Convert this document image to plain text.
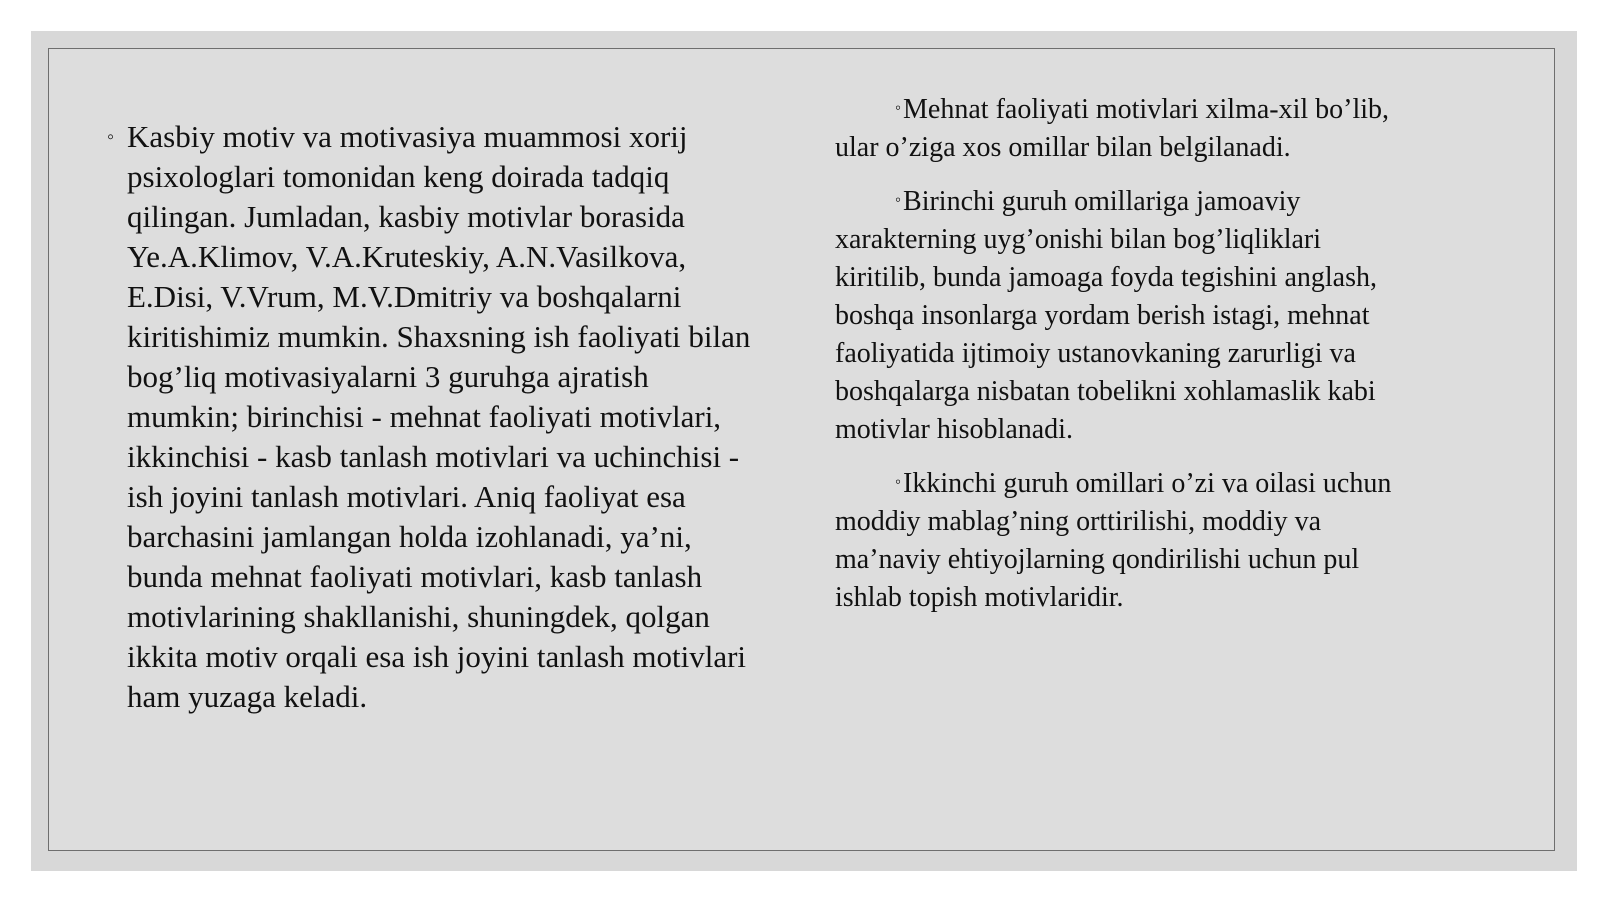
◦ Kasbiy motiv va motivasiya muammosi xorij psixologlari tomonidan keng doirada tadqiq qilingan. Jumladan, kasbiy motivlar borasida Ye.A.Klimov, V.A.Kruteskiy, A.N.Vasilkova, E.Disi, V.Vrum, M.V.Dmitriy va boshqalarni kiritishimiz mumkin. Shaxsning ish faoliyati bilan bog’liq motivasiyalarni 3 guruhga ajratish mumkin; birinchisi - mehnat faoliyati motivlari, ikkinchisi - kasb tanlash motivlari va uchinchisi - ish joyini tanlash motivlari. Aniq faoliyat esa barchasini jamlangan holda izohlanadi, ya’ni, bunda mehnat faoliyati motivlari, kasb tanlash motivlarining shakllanishi, shuningdek, qolgan ikkita motiv orqali esa ish joyini tanlash motivlari ham yuzaga keladi.

◦Mehnat faoliyati motivlari xilma-xil bo’lib, ular o’ziga xos omillar bilan belgilanadi.

◦Birinchi guruh omillariga jamoaviy xarakterning uyg’onishi bilan bog’liqliklari kiritilib, bunda jamoaga foyda tegishini anglash, boshqa insonlarga yordam berish istagi, mehnat faoliyatida ijtimoiy ustanovkaning zarurligi va boshqalarga nisbatan tobelikni xohlamaslik kabi motivlar hisoblanadi.

◦Ikkinchi guruh omillari o’zi va oilasi uchun moddiy mablag’ning orttirilishi, moddiy va ma’naviy ehtiyojlarning qondirilishi uchun pul ishlab topish motivlaridir.
